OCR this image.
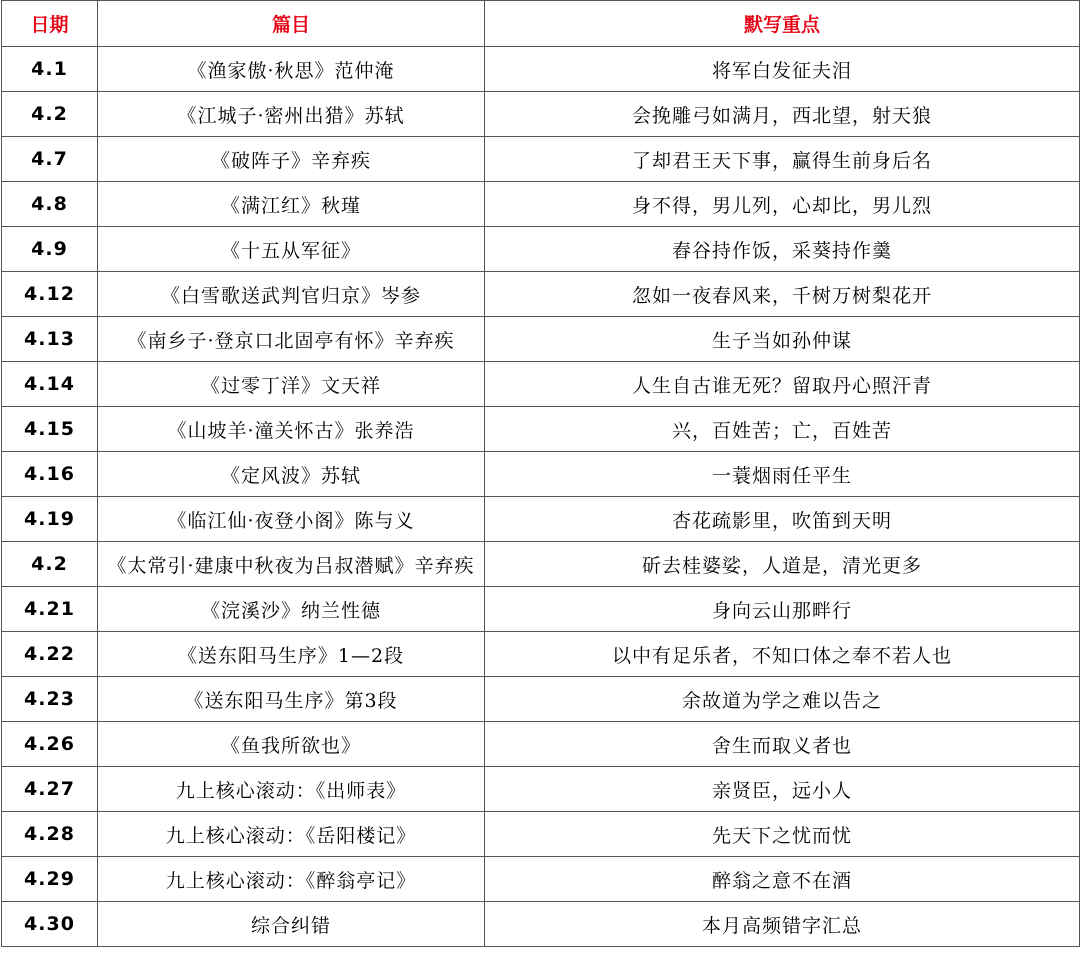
日期	篇目	默写重点
4.1	《渔家傲·秋思》范仲淹	将军白发征夫泪
4.2	《江城子·密州出猎》苏轼	会挽雕弓如满月，西北望，射天狼
4.7	《破阵子》辛弃疾	了却君王天下事，赢得生前身后名
4.8	《满江红》秋瑾	身不得，男儿列，心却比，男儿烈
4.9	《十五从军征》	舂谷持作饭，采葵持作羹
4.12	《白雪歌送武判官归京》岑参	忽如一夜春风来，千树万树梨花开
4.13	《南乡子·登京口北固亭有怀》辛弃疾	生子当如孙仲谋
4.14	《过零丁洋》文天祥	人生自古谁无死？留取丹心照汗青
4.15	《山坡羊·潼关怀古》张养浩	兴，百姓苦；亡，百姓苦
4.16	《定风波》苏轼	一蓑烟雨任平生
4.19	《临江仙·夜登小阁》陈与义	杏花疏影里，吹笛到天明
4.2	《太常引·建康中秋夜为吕叔潜赋》辛弃疾	斫去桂婆娑，人道是，清光更多
4.21	《浣溪沙》纳兰性德	身向云山那畔行
4.22	《送东阳马生序》1—2段	以中有足乐者，不知口体之奉不若人也
4.23	《送东阳马生序》第3段	余故道为学之难以告之
4.26	《鱼我所欲也》	舍生而取义者也
4.27	九上核心滚动：《出师表》	亲贤臣，远小人
4.28	九上核心滚动：《岳阳楼记》	先天下之忧而忧
4.29	九上核心滚动：《醉翁亭记》	醉翁之意不在酒
4.30	综合纠错	本月高频错字汇总
